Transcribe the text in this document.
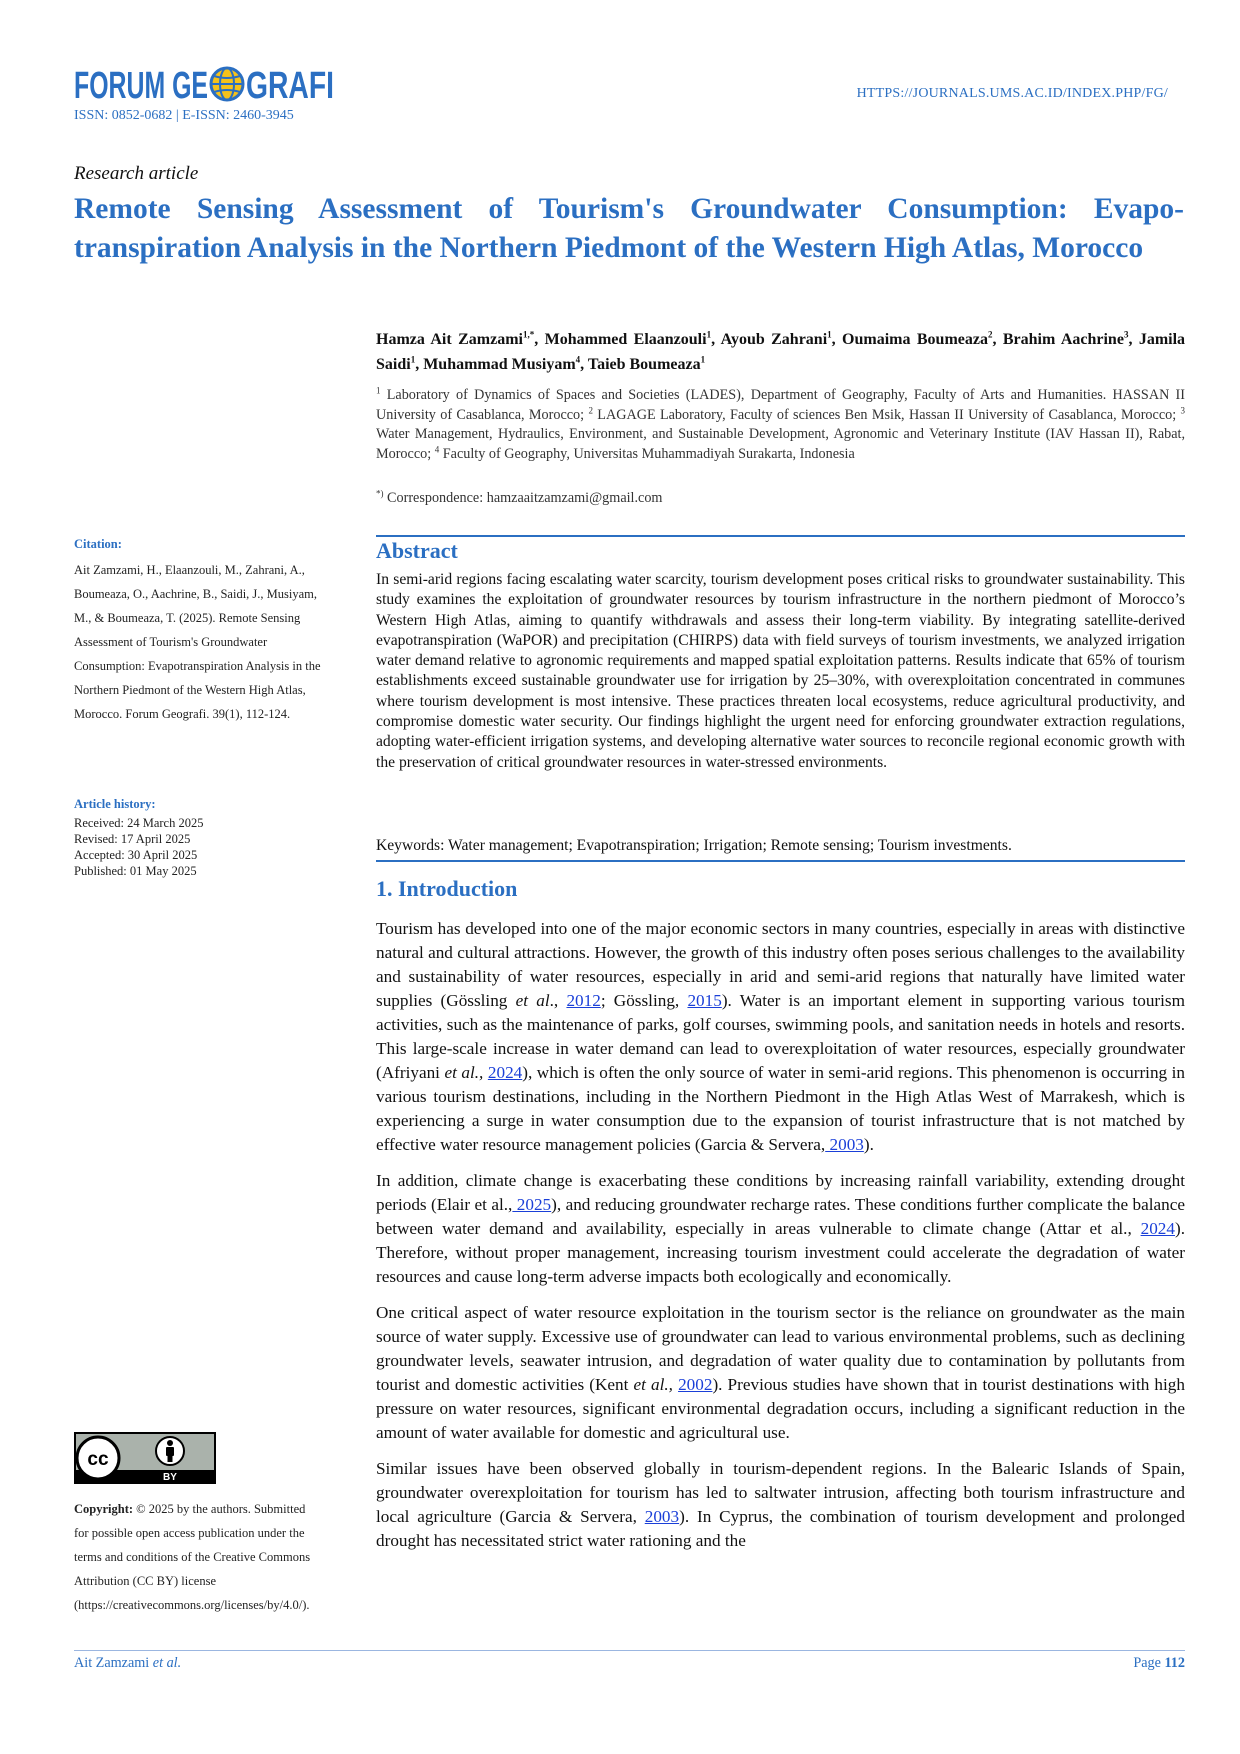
FORUM GE GRAFI
ISSN: 0852-0682 | E-ISSN: 2460-3945
HTTPS://JOURNALS.UMS.AC.ID/INDEX.PHP/FG/
Research article
Remote Sensing Assessment of Tourism's Groundwater Consumption: Evapo-transpiration Analysis in the Northern Piedmont of the Western High Atlas, Morocco
Hamza Ait Zamzami$^{1,*}$, Mohammed Elaanzouli$^1$, Ayoub Zahrani$^1$, Oumaima Boumeaza$^2$, Brahim Aachrine$^3$, Jamila Saidi$^1$, Muhammad Musiyam$^4$, Taieb Boumeaza$^1$
$^1$ Laboratory of Dynamics of Spaces and Societies (LADES), Department of Geography, Faculty of Arts and Humanities. HASSAN II University of Casablanca, Morocco; $^2$ LAGAGE Laboratory, Faculty of sciences Ben Msik, Hassan II University of Casablanca, Morocco; $^3$ Water Management, Hydraulics, Environment, and Sustainable Development, Agronomic and Veterinary Institute (IAV Hassan II), Rabat, Morocco; $^4$ Faculty of Geography, Universitas Muhammadiyah Surakarta, Indonesia
*) Correspondence: hamzaaitzamzami@gmail.com
Citation:
Ait Zamzami, H., Elaanzouli, M., Zahrani, A., Boumeaza, O., Aachrine, B., Saidi, J., Musiyam, M., & Boumeaza, T. (2025). Remote Sensing Assessment of Tourism's Groundwater Consumption: Evapotranspiration Analysis in the Northern Piedmont of the Western High Atlas, Morocco. Forum Geografi. 39(1), 112-124.
Article history:
Received: 24 March 2025
Revised: 17 April 2025
Accepted: 30 April 2025
Published: 01 May 2025
cc
BY
Copyright: © 2025 by the authors. Submitted for possible open access publication under the terms and conditions of the Creative Commons Attribution (CC BY) license (https://creativecommons.org/licenses/by/4.0/).
Abstract

In semi-arid regions facing escalating water scarcity, tourism development poses critical risks to groundwater sustainability. This study examines the exploitation of groundwater resources by tourism infrastructure in the northern piedmont of Morocco’s Western High Atlas, aiming to quantify withdrawals and assess their long-term viability. By integrating satellite-derived evapotranspiration (WaPOR) and precipitation (CHIRPS) data with field surveys of tourism investments, we analyzed irrigation water demand relative to agronomic requirements and mapped spatial exploitation patterns. Results indicate that 65% of tourism establishments exceed sustainable groundwater use for irrigation by 25–30%, with overexploitation concentrated in communes where tourism development is most intensive. These practices threaten local ecosystems, reduce agricultural productivity, and compromise domestic water security. Our findings highlight the urgent need for enforcing groundwater extraction regulations, adopting water-efficient irrigation systems, and developing alternative water sources to reconcile regional economic growth with the preservation of critical groundwater resources in water-stressed environments.

Keywords: Water management; Evapotranspiration; Irrigation; Remote sensing; Tourism investments.
1. Introduction

Tourism has developed into one of the major economic sectors in many countries, especially in areas with distinctive natural and cultural attractions. However, the growth of this industry often poses serious challenges to the availability and sustainability of water resources, especially in arid and semi-arid regions that naturally have limited water supplies (Gössling et al., 2012; Gössling, 2015). Water is an important element in supporting various tourism activities, such as the maintenance of parks, golf courses, swimming pools, and sanitation needs in hotels and resorts. This large-scale increase in water demand can lead to overexploitation of water resources, especially groundwater (Afriyani et al., 2024), which is often the only source of water in semi-arid regions. This phenomenon is occurring in various tourism destinations, including in the Northern Piedmont in the High Atlas West of Marrakesh, which is experiencing a surge in water consumption due to the expansion of tourist infrastructure that is not matched by effective water resource management policies (Garcia & Servera, 2003).

In addition, climate change is exacerbating these conditions by increasing rainfall variability, extending drought periods (Elair et al., 2025), and reducing groundwater recharge rates. These conditions further complicate the balance between water demand and availability, especially in areas vulnerable to climate change (Attar et al., 2024). Therefore, without proper management, increasing tourism investment could accelerate the degradation of water resources and cause long-term adverse impacts both ecologically and economically.

One critical aspect of water resource exploitation in the tourism sector is the reliance on groundwater as the main source of water supply. Excessive use of groundwater can lead to various environmental problems, such as declining groundwater levels, seawater intrusion, and degradation of water quality due to contamination by pollutants from tourist and domestic activities (Kent et al., 2002). Previous studies have shown that in tourist destinations with high pressure on water resources, significant environmental degradation occurs, including a significant reduction in the amount of water available for domestic and agricultural use.

Similar issues have been observed globally in tourism-dependent regions. In the Balearic Islands of Spain, groundwater overexploitation for tourism has led to saltwater intrusion, affecting both tourism infrastructure and local agriculture (Garcia & Servera, 2003). In Cyprus, the combination of tourism development and prolonged drought has necessitated strict water rationing and the

Ait Zamzami et al.	Page 112
